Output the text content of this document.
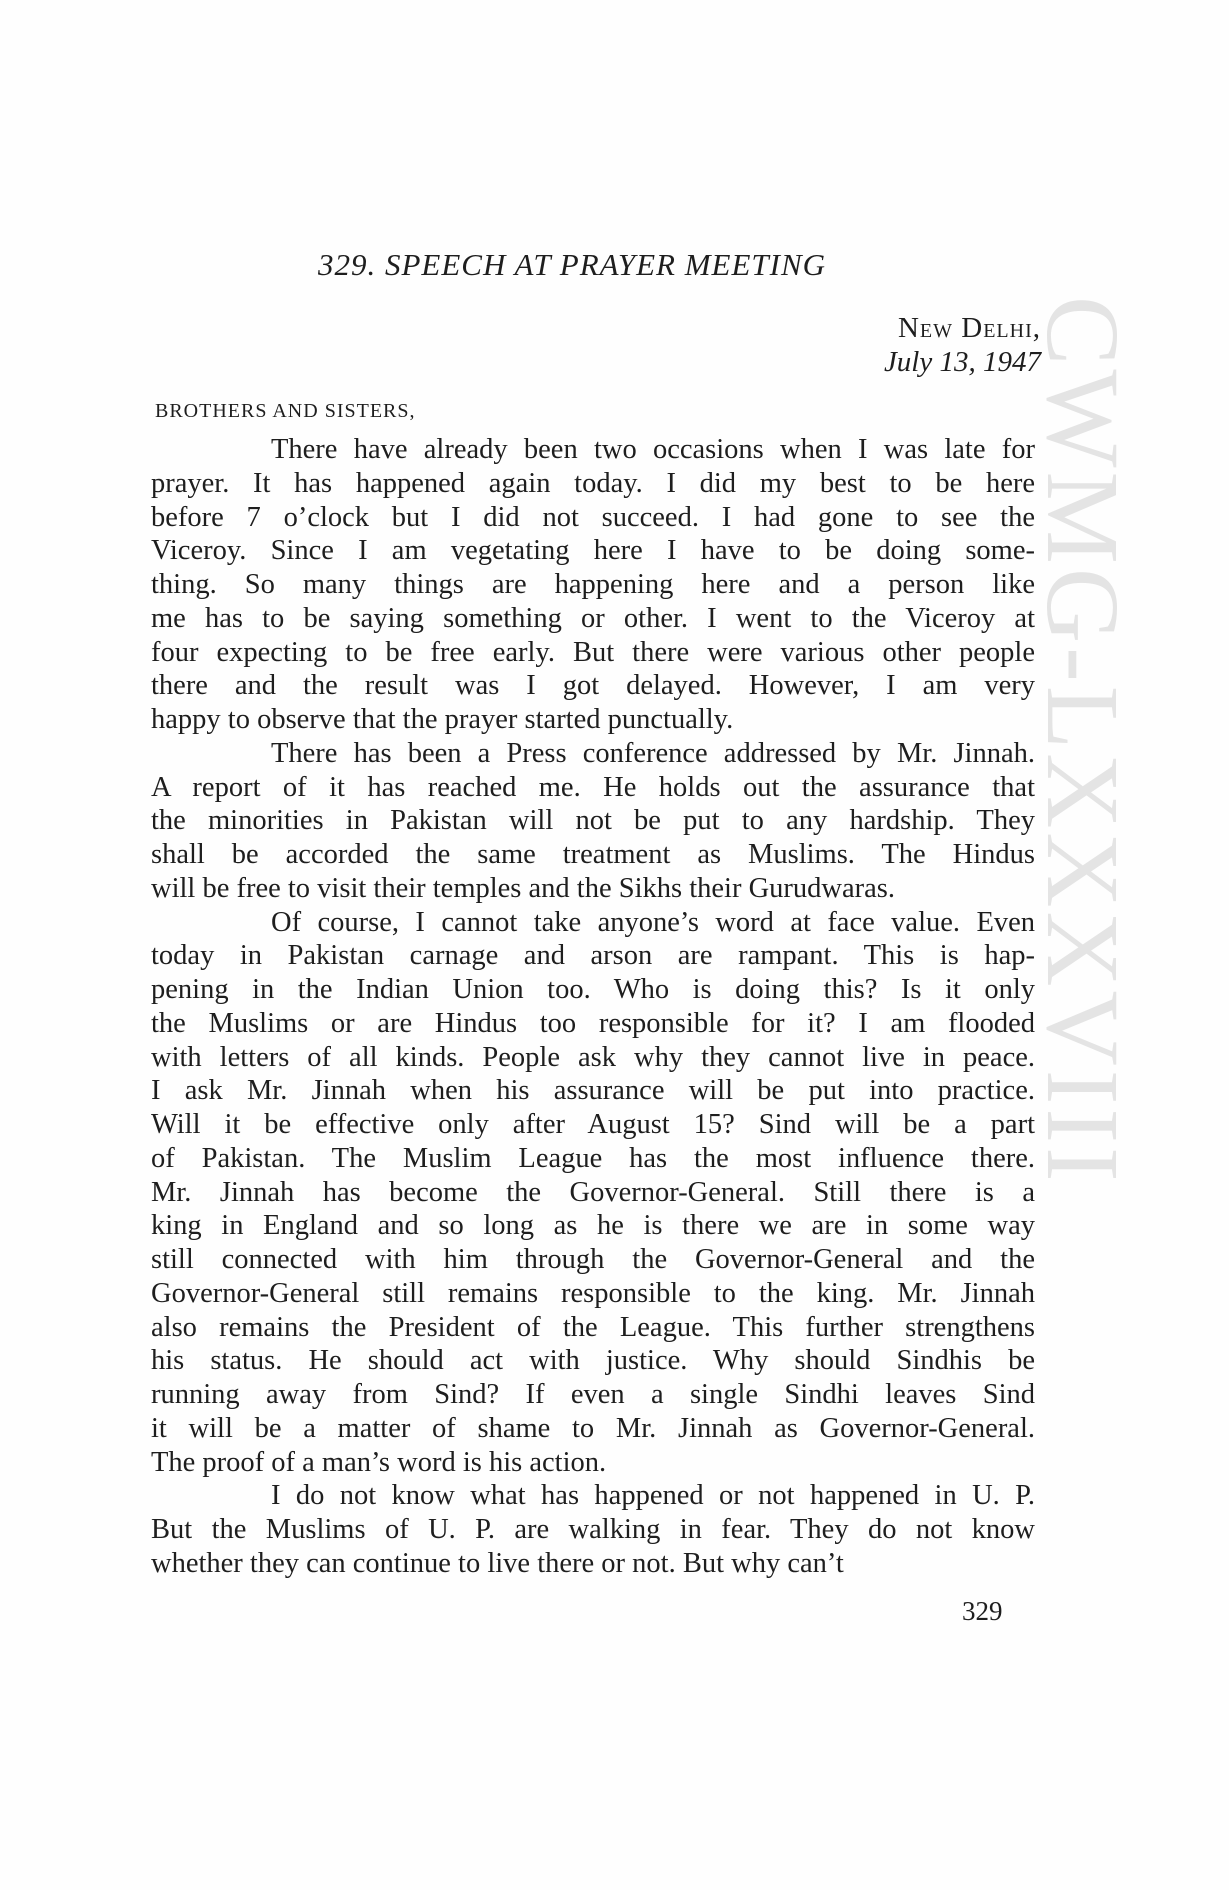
CWMG-LXXXVIII
329. SPEECH AT PRAYER MEETING
New Delhi,
July 13, 1947
BROTHERS AND SISTERS,

There have already been two occasions when I was late for
prayer. It has happened again today. I did my best to be here
before 7 o’clock but I did not succeed. I had gone to see the
Viceroy. Since I am vegetating here I have to be doing some-
thing. So many things are happening here and a person like
me has to be saying something or other. I went to the Viceroy at
four expecting to be free early. But there were various other people
there and the result was I got delayed. However, I am very
happy to observe that the prayer started punctually.

There has been a Press conference addressed by Mr. Jinnah.
A report of it has reached me. He holds out the assurance that
the minorities in Pakistan will not be put to any hardship. They
shall be accorded the same treatment as Muslims. The Hindus
will be free to visit their temples and the Sikhs their Gurudwaras.

Of course, I cannot take anyone’s word at face value. Even
today in Pakistan carnage and arson are rampant. This is hap-
pening in the Indian Union too. Who is doing this? Is it only
the Muslims or are Hindus too responsible for it? I am flooded
with letters of all kinds. People ask why they cannot live in peace.
I ask Mr. Jinnah when his assurance will be put into practice.
Will it be effective only after August 15? Sind will be a part
of Pakistan. The Muslim League has the most influence there.
Mr. Jinnah has become the Governor-General. Still there is a
king in England and so long as he is there we are in some way
still connected with him through the Governor-General and the
Governor-General still remains responsible to the king. Mr. Jinnah
also remains the President of the League. This further strengthens
his status. He should act with justice. Why should Sindhis be
running away from Sind? If even a single Sindhi leaves Sind
it will be a matter of shame to Mr. Jinnah as Governor-General.
The proof of a man’s word is his action.

I do not know what has happened or not happened in U. P.
But the Muslims of U. P. are walking in fear. They do not know
whether they can continue to live there or not. But why can’t

329
